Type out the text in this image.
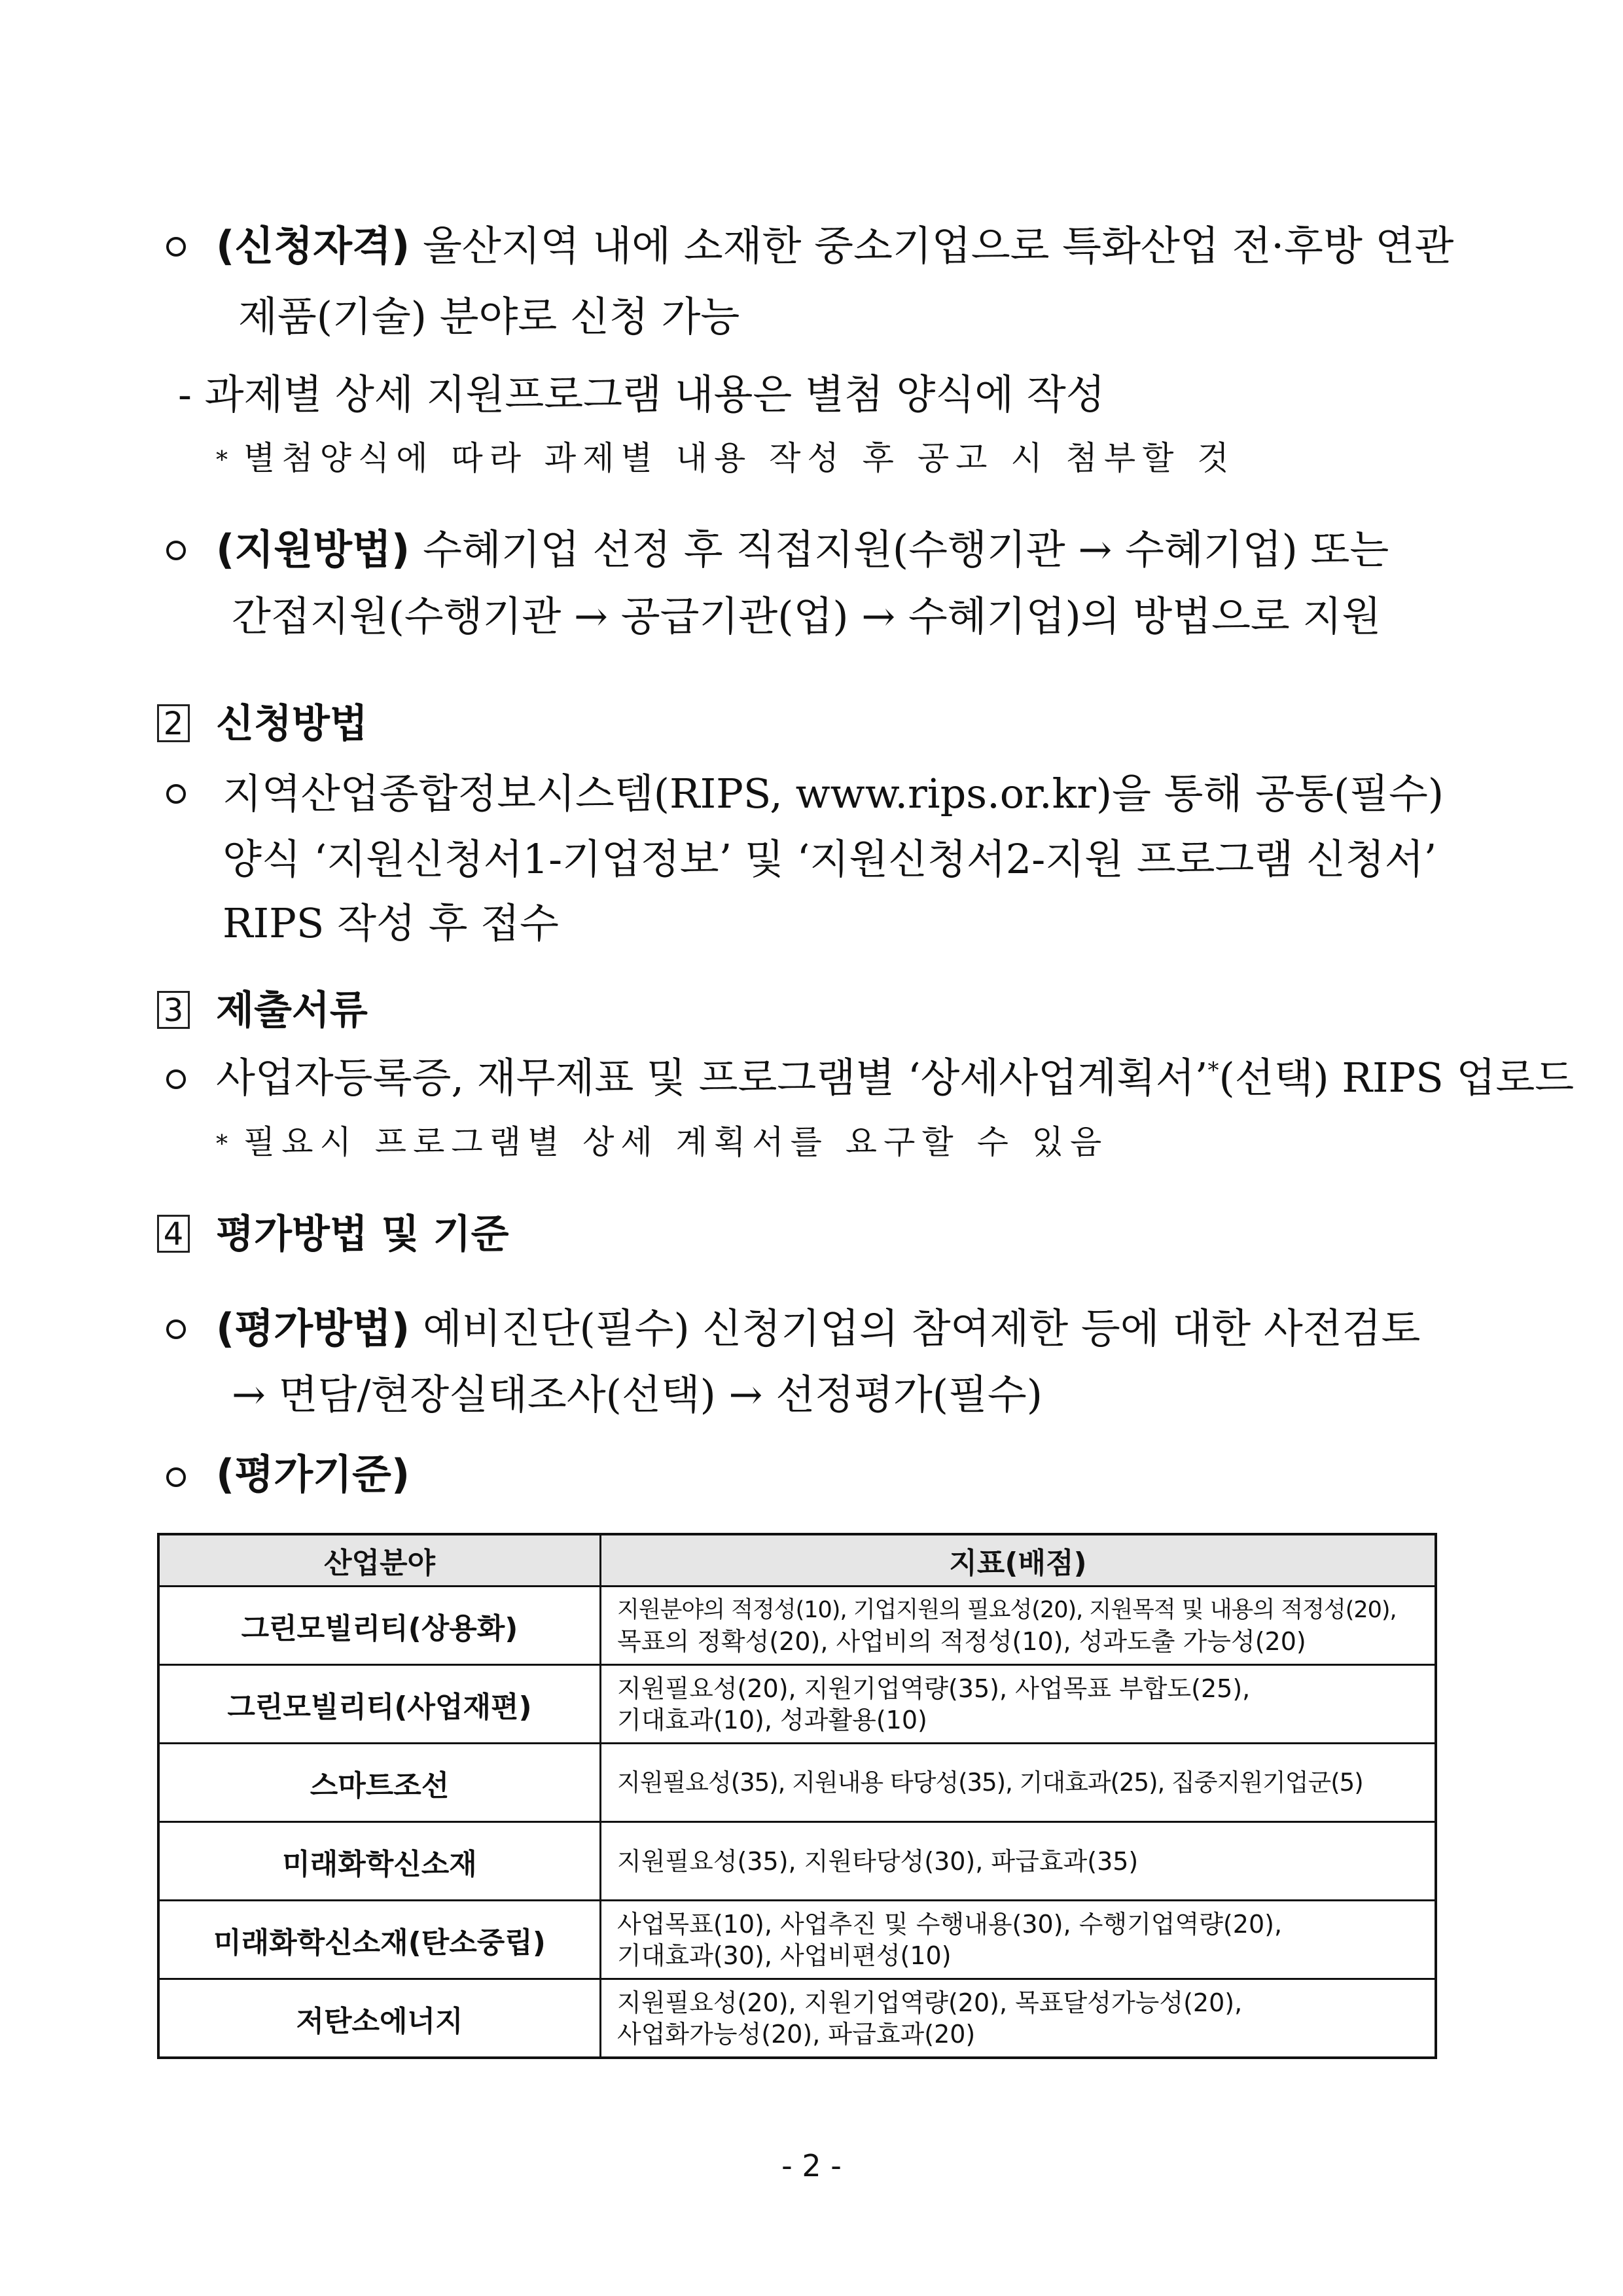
(신청자격) 울산지역 내에 소재한 중소기업으로 특화산업 전·후방 연관
제품(기술) 분야로 신청 가능
- 과제별 상세 지원프로그램 내용은 별첨 양식에 작성
* 별첨양식에 따라 과제별 내용 작성 후 공고 시 첨부할 것
(지원방법) 수혜기업 선정 후 직접지원(수행기관 → 수혜기업) 또는
간접지원(수행기관 → 공급기관(업) → 수혜기업)의 방법으로 지원
2 신청방법
지역산업종합정보시스템(RIPS, www.rips.or.kr)을 통해 공통(필수)
양식 ‘지원신청서1-기업정보’ 및 ‘지원신청서2-지원 프로그램 신청서’
RIPS 작성 후 접수
3 제출서류
사업자등록증, 재무제표 및 프로그램별 ‘상세사업계획서’*(선택) RIPS 업로드
* 필요시 프로그램별 상세 계획서를 요구할 수 있음
4 평가방법 및 기준
(평가방법) 예비진단(필수) 신청기업의 참여제한 등에 대한 사전검토
→ 면담/현장실태조사(선택) → 선정평가(필수)
(평가기준)
산업분야	지표(배점)
그린모빌리티(상용화)	지원분야의 적정성(10), 기업지원의 필요성(20), 지원목적 및 내용의 적정성(20),
목표의 정확성(20), 사업비의 적정성(10), 성과도출 가능성(20)

그린모빌리티(사업재편)	지원필요성(20), 지원기업역량(35), 사업목표 부합도(25),
기대효과(10), 성과활용(10)

스마트조선	지원필요성(35), 지원내용 타당성(35), 기대효과(25), 집중지원기업군(5)

미래화학신소재	지원필요성(35), 지원타당성(30), 파급효과(35)

미래화학신소재(탄소중립)	사업목표(10), 사업추진 및 수행내용(30), 수행기업역량(20),
기대효과(30), 사업비편성(10)

저탄소에너지	지원필요성(20), 지원기업역량(20), 목표달성가능성(20),
사업화가능성(20), 파급효과(20)
- 2 -
